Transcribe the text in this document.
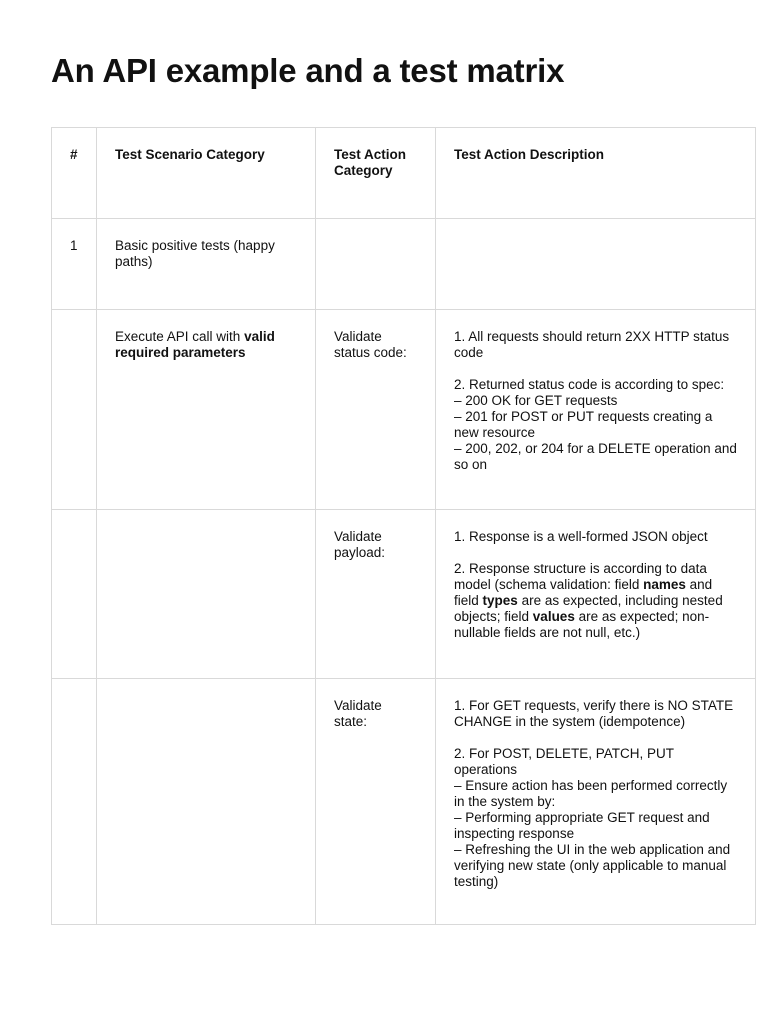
An API example and a test matrix
#	Test Scenario Category	Test Action Category	Test Action Description
1	Basic positive tests (happy paths)		
	Execute API call with valid required parameters	Validate status code:	1. All requests should return 2XX HTTP status code
2. Returned status code is according to spec:
– 200 OK for GET requests
– 201 for POST or PUT requests creating a new resource
– 200, 202, or 204 for a DELETE operation and so on

		Validate payload:	1. Response is a well-formed JSON object
2. Response structure is according to data model (schema validation: field names and field types are as expected, including nested objects; field values are as expected; non-nullable fields are not null, etc.)

		Validate state:	1. For GET requests, verify there is NO STATE CHANGE in the system (idempotence)
2. For POST, DELETE, PATCH, PUT operations
– Ensure action has been performed correctly in the system by:
– Performing appropriate GET request and inspecting response
– Refreshing the UI in the web application and verifying new state (only applicable to manual testing)
